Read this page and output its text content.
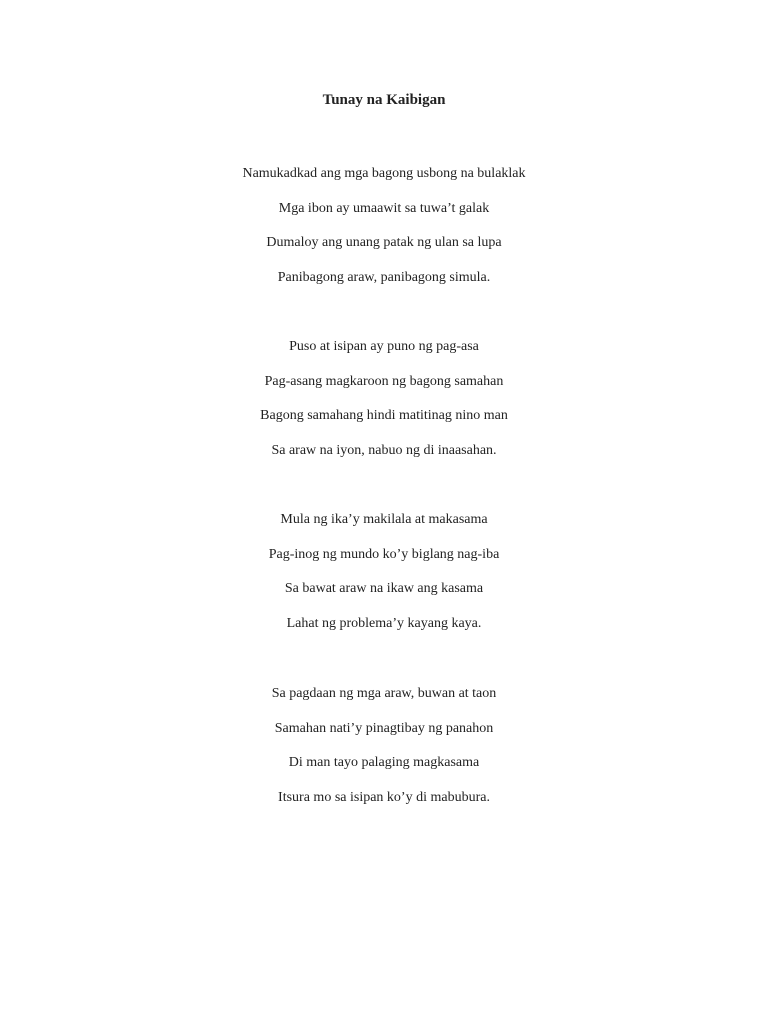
Tunay na Kaibigan
Namukadkad ang mga bagong usbong na bulaklak
Mga ibon ay umaawit sa tuwa’t galak
Dumaloy ang unang patak ng ulan sa lupa
Panibagong araw, panibagong simula.
Puso at isipan ay puno ng pag-asa
Pag-asang magkaroon ng bagong samahan
Bagong samahang hindi matitinag nino man
Sa araw na iyon, nabuo ng di inaasahan.
Mula ng ika’y makilala at makasama
Pag-inog ng mundo ko’y biglang nag-iba
Sa bawat araw na ikaw ang kasama
Lahat ng problema’y kayang kaya.
Sa pagdaan ng mga araw, buwan at taon
Samahan nati’y pinagtibay ng panahon
Di man tayo palaging magkasama
Itsura mo sa isipan ko’y di mabubura.
